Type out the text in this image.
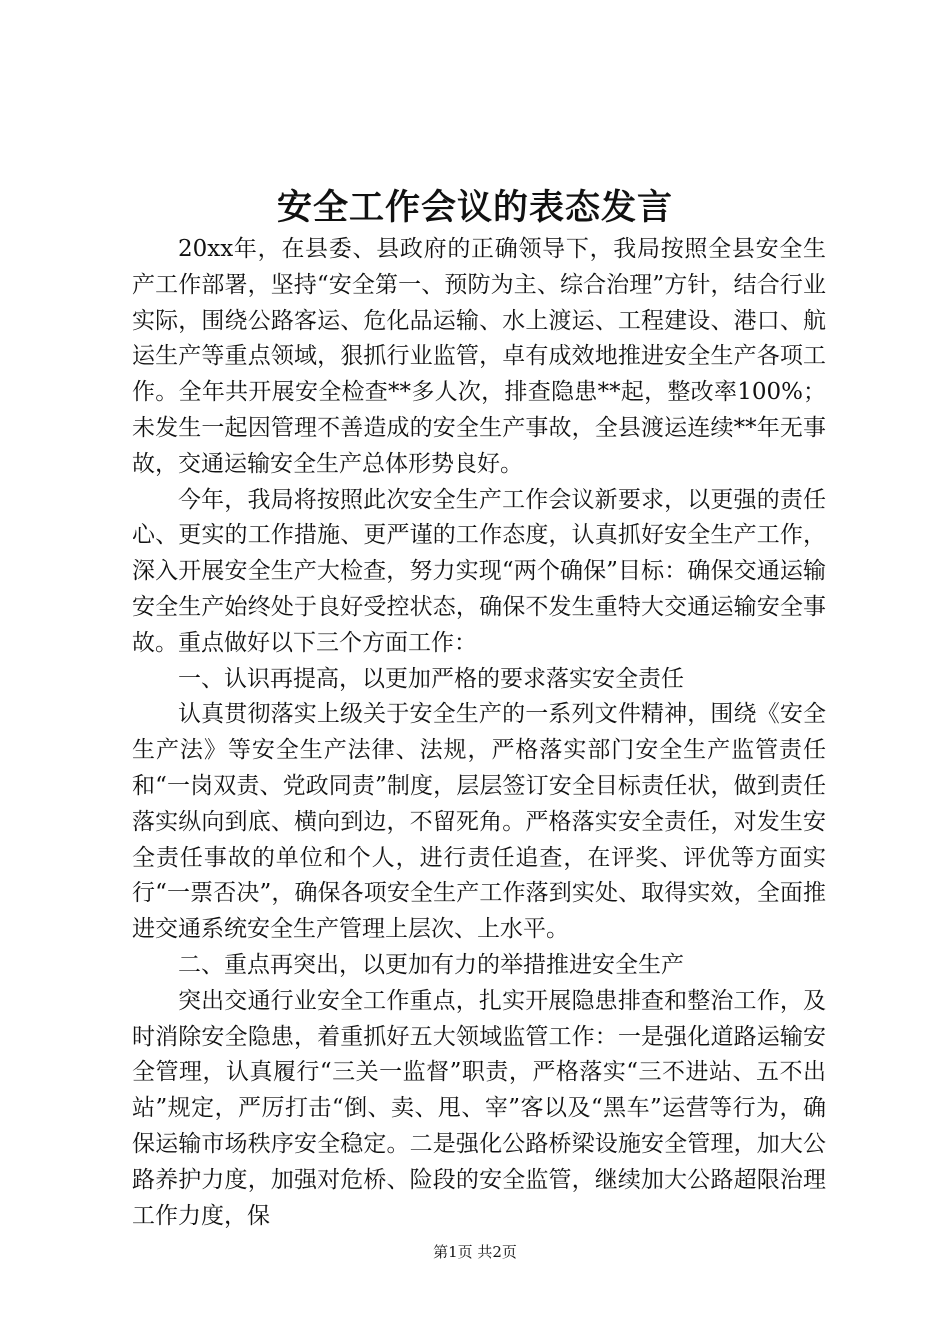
安全工作会议的表态发言

20xx年，在县委、县政府的正确领导下，我局按照全县安全生产工作部署，坚持“安全第一、预防为主、综合治理”方针，结合行业实际，围绕公路客运、危化品运输、水上渡运、工程建设、港口、航运生产等重点领域，狠抓行业监管，卓有成效地推进安全生产各项工作。全年共开展安全检查**多人次，排查隐患**起，整改率100%；未发生一起因管理不善造成的安全生产事故，全县渡运连续**年无事故，交通运输安全生产总体形势良好。

今年，我局将按照此次安全生产工作会议新要求，以更强的责任心、更实的工作措施、更严谨的工作态度，认真抓好安全生产工作，深入开展安全生产大检查，努力实现“两个确保”目标：确保交通运输安全生产始终处于良好受控状态，确保不发生重特大交通运输安全事故。重点做好以下三个方面工作：

一、认识再提高，以更加严格的要求落实安全责任

认真贯彻落实上级关于安全生产的一系列文件精神，围绕《安全生产法》等安全生产法律、法规，严格落实部门安全生产监管责任和“一岗双责、党政同责”制度，层层签订安全目标责任状，做到责任落实纵向到底、横向到边，不留死角。严格落实安全责任，对发生安全责任事故的单位和个人，进行责任追查，在评奖、评优等方面实行“一票否决”，确保各项安全生产工作落到实处、取得实效，全面推进交通系统安全生产管理上层次、上水平。

二、重点再突出，以更加有力的举措推进安全生产

突出交通行业安全工作重点，扎实开展隐患排查和整治工作，及时消除安全隐患，着重抓好五大领域监管工作：一是强化道路运输安全管理，认真履行“三关一监督”职责，严格落实“三不进站、五不出站”规定，严厉打击“倒、卖、甩、宰”客以及“黑车”运营等行为，确保运输市场秩序安全稳定。二是强化公路桥梁设施安全管理，加大公路养护力度，加强对危桥、险段的安全监管，继续加大公路超限治理工作力度，保

第1页 共2页
